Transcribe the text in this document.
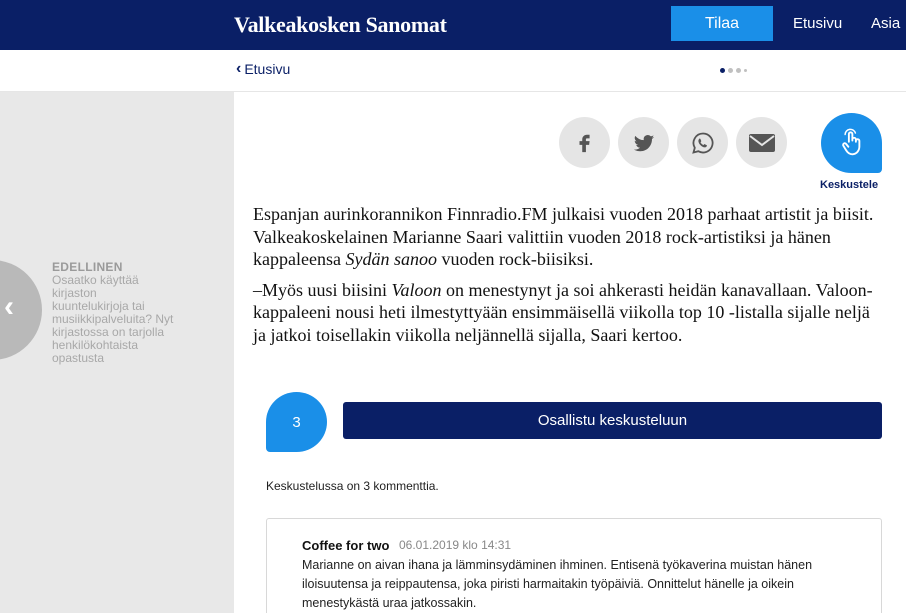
Valkeakosken Sanomat	Tilaa	Etusivu Asia
‹ Etusivu
‹
EDELLINEN
Osaatko käyttää kirjaston kuuntelukirjoja tai musiikkipalveluita? Nyt kirjastossa on tarjolla henkilökohtaista opastusta
Keskustele

Espanjan aurinkorannikon Finnradio.FM julkaisi vuoden 2018 parhaat artistit ja biisit. Valkeakoskelainen Marianne Saari valittiin vuoden 2018 rock-artistiksi ja hänen kappaleensa Sydän sanoo vuoden rock-biisiksi.

–Myös uusi biisini Valoon on menestynyt ja soi ahkerasti heidän kanavallaan. Valoon-kappaleeni nousi heti ilmestyttyään ensimmäisellä viikolla top 10 -listalla sijalle neljä ja jatkoi toisellakin viikolla neljännellä sijalla, Saari kertoo.

3	Osallistu keskusteluun
Keskustelussa on 3 kommenttia.
Coffee for two 06.01.2019 klo 14:31
Marianne on aivan ihana ja lämminsydäminen ihminen. Entisenä työkaverina muistan hänen iloisuutensa ja reippautensa, joka piristi harmaitakin työpäiviä. Onnittelut hänelle ja oikein menestykästä uraa jatkossakin.
